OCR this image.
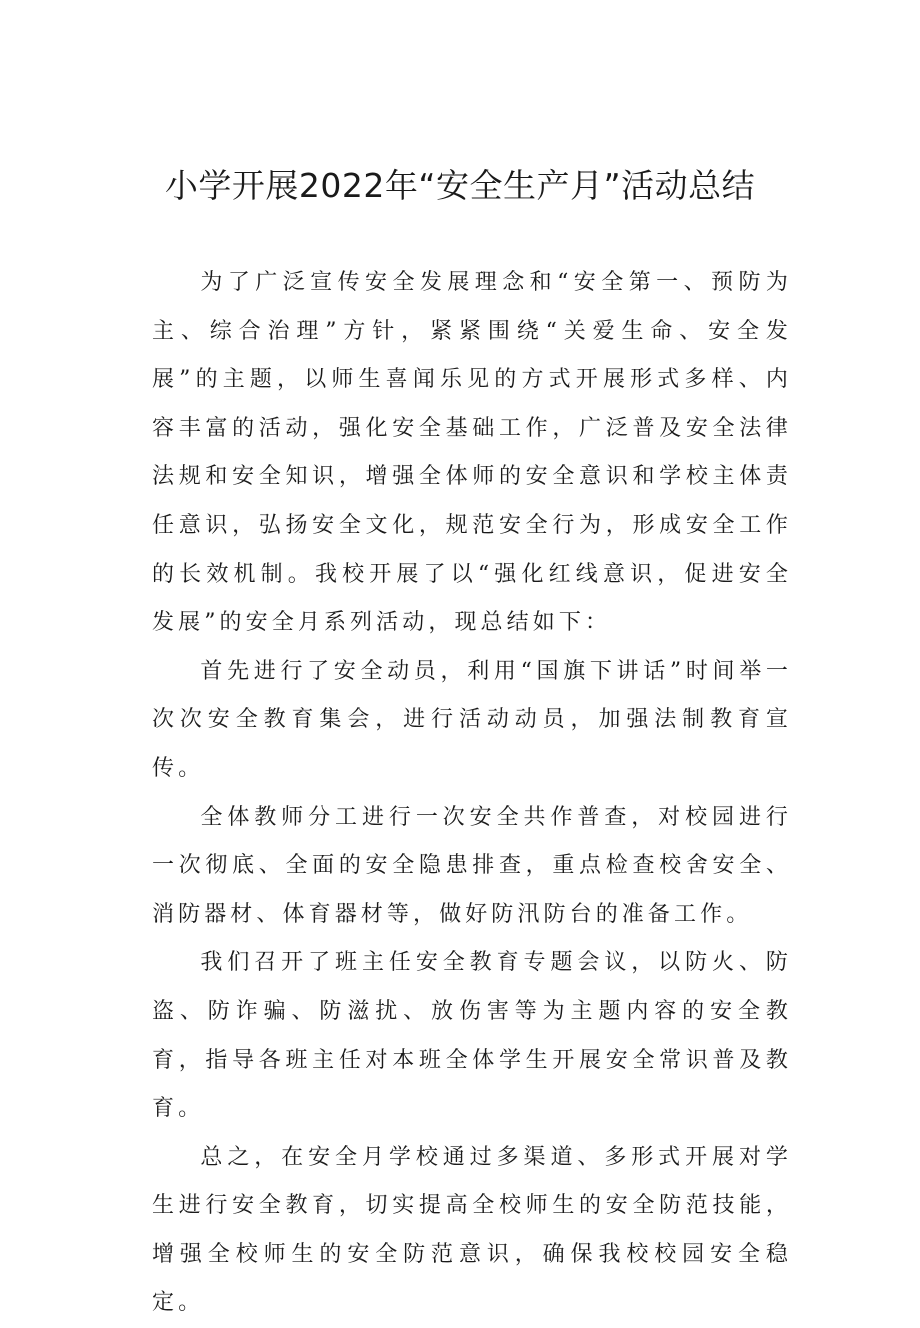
小学开展2022年“安全生产月”活动总结

为了广泛宣传安全发展理念和“安全第一、预防为主、综合治理”方针，紧紧围绕“关爱生命、安全发展”的主题，以师生喜闻乐见的方式开展形式多样、内容丰富的活动，强化安全基础工作，广泛普及安全法律法规和安全知识，增强全体师的安全意识和学校主体责任意识，弘扬安全文化，规范安全行为，形成安全工作的长效机制。我校开展了以“强化红线意识，促进安全发展”的安全月系列活动，现总结如下：

首先进行了安全动员，利用“国旗下讲话”时间举一次次安全教育集会，进行活动动员，加强法制教育宣传。

全体教师分工进行一次安全共作普查，对校园进行一次彻底、全面的安全隐患排查，重点检查校舍安全、消防器材、体育器材等，做好防汛防台的准备工作。

我们召开了班主任安全教育专题会议，以防火、防盗、防诈骗、防滋扰、放伤害等为主题内容的安全教育，指导各班主任对本班全体学生开展安全常识普及教育。

总之，在安全月学校通过多渠道、多形式开展对学生进行安全教育，切实提高全校师生的安全防范技能，增强全校师生的安全防范意识，确保我校校园安全稳定。
